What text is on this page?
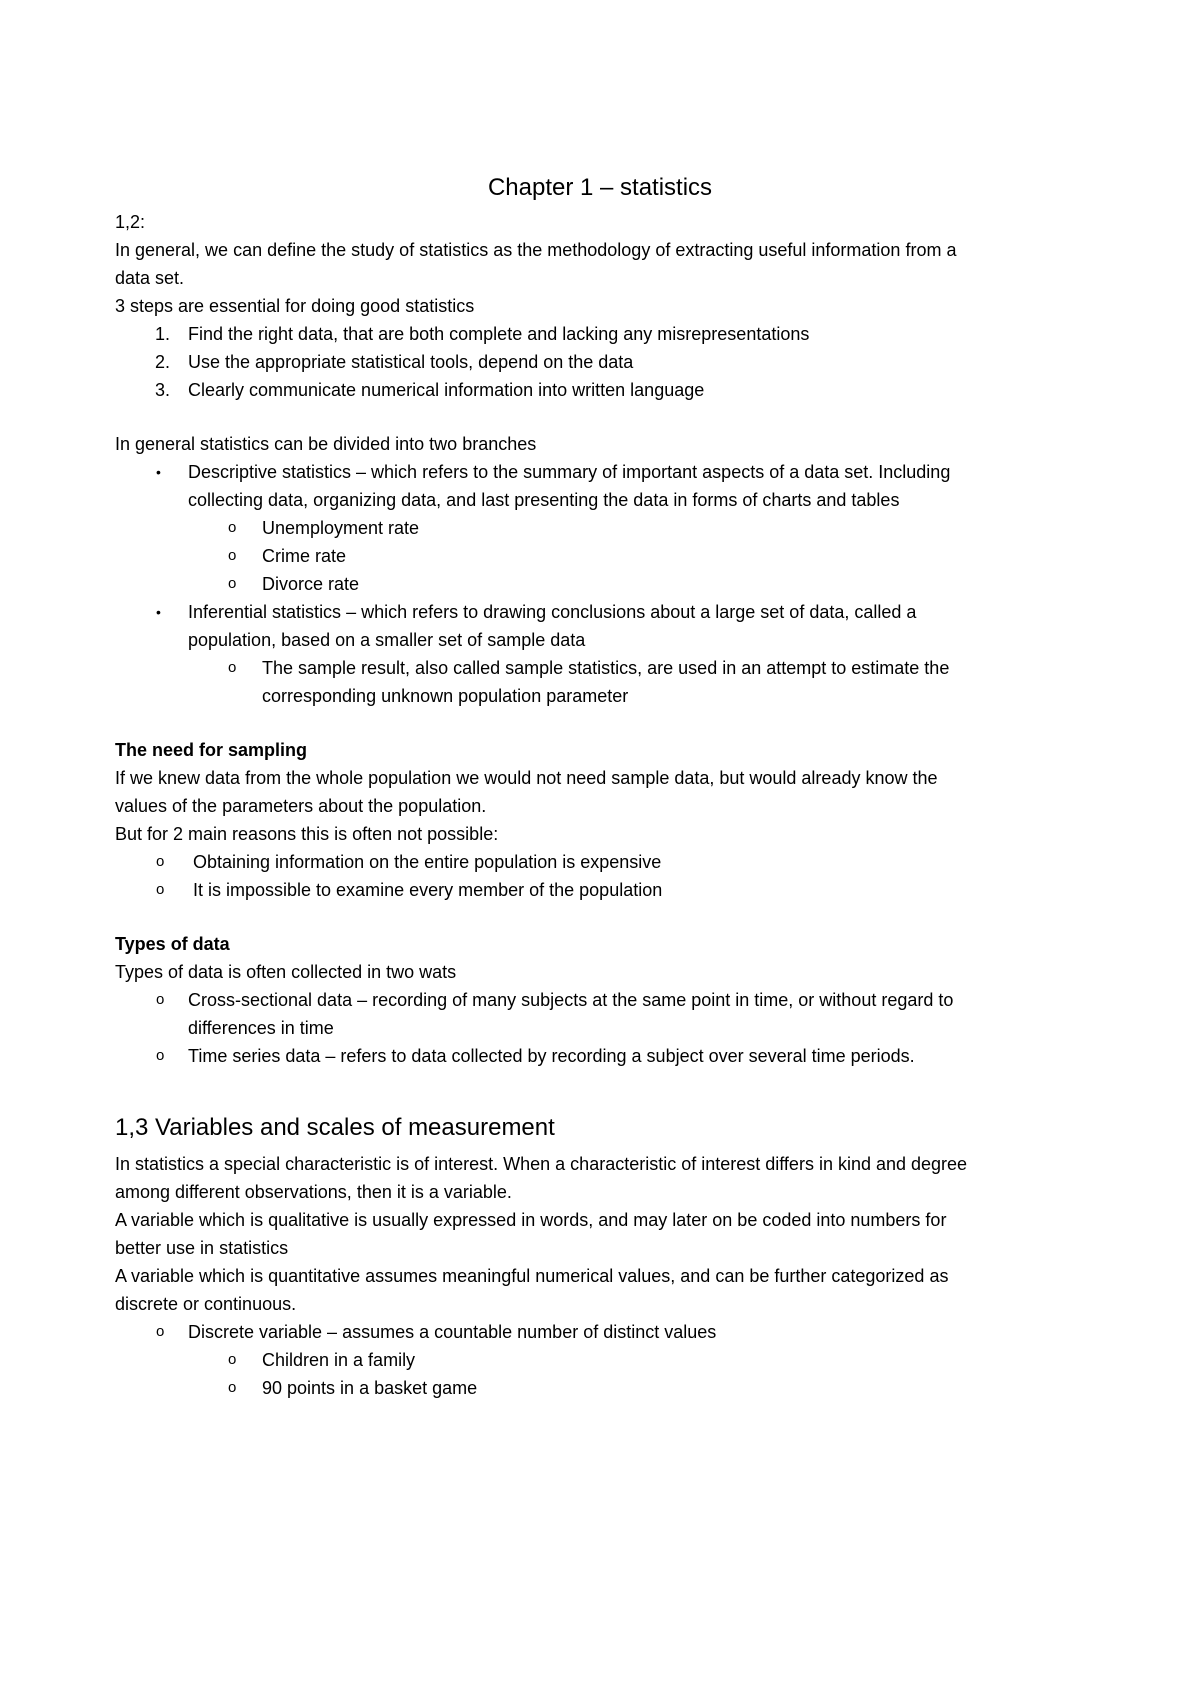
Chapter 1 – statistics
1,2:
In general, we can define the study of statistics as the methodology of extracting useful information from a
data set.
3 steps are essential for doing good statistics
1. Find the right data, that are both complete and lacking any misrepresentations
2. Use the appropriate statistical tools, depend on the data
3. Clearly communicate numerical information into written language
In general statistics can be divided into two branches
• Descriptive statistics – which refers to the summary of important aspects of a data set. Including
collecting data, organizing data, and last presenting the data in forms of charts and tables
o Unemployment rate
o Crime rate
o Divorce rate
• Inferential statistics – which refers to drawing conclusions about a large set of data, called a
population, based on a smaller set of sample data
o The sample result, also called sample statistics, are used in an attempt to estimate the
corresponding unknown population parameter
The need for sampling
If we knew data from the whole population we would not need sample data, but would already know the
values of the parameters about the population.
But for 2 main reasons this is often not possible:
o Obtaining information on the entire population is expensive
o It is impossible to examine every member of the population
Types of data
Types of data is often collected in two wats
o Cross-sectional data – recording of many subjects at the same point in time, or without regard to
differences in time
o Time series data – refers to data collected by recording a subject over several time periods.
1,3 Variables and scales of measurement
In statistics a special characteristic is of interest. When a characteristic of interest differs in kind and degree
among different observations, then it is a variable.
A variable which is qualitative is usually expressed in words, and may later on be coded into numbers for
better use in statistics
A variable which is quantitative assumes meaningful numerical values, and can be further categorized as
discrete or continuous.
o Discrete variable – assumes a countable number of distinct values
o Children in a family
o 90 points in a basket game
